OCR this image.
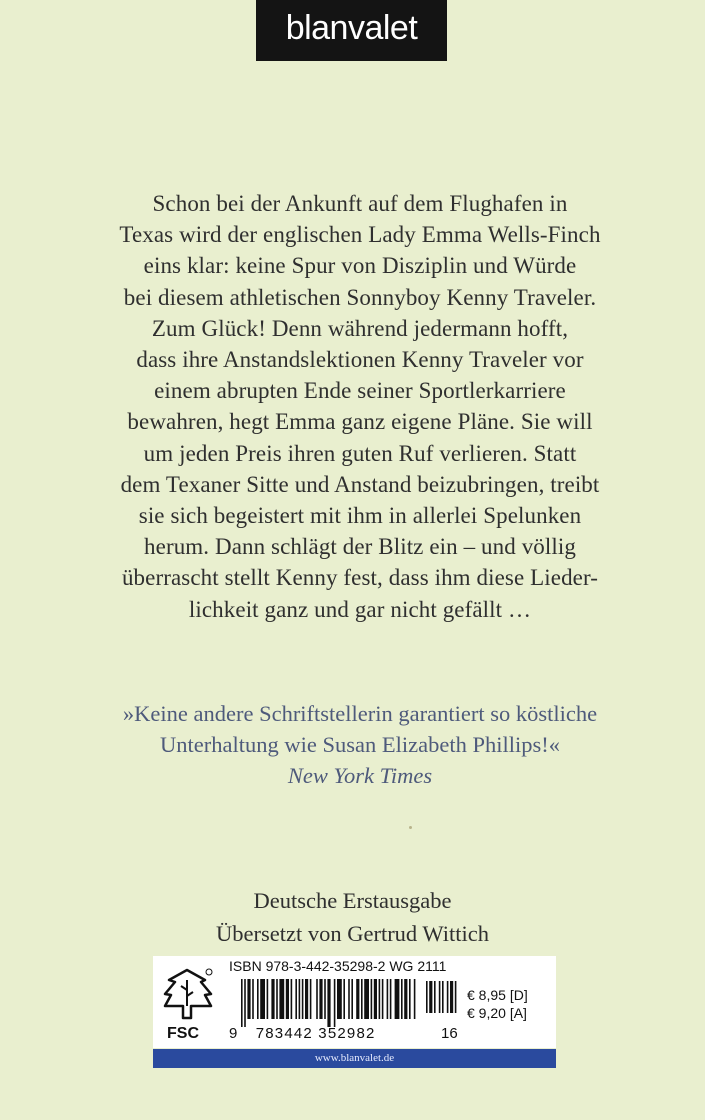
blanvalet
Schon bei der Ankunft auf dem Flughafen in
Texas wird der englischen Lady Emma Wells-Finch
eins klar: keine Spur von Disziplin und Würde
bei diesem athletischen Sonnyboy Kenny Traveler.
Zum Glück! Denn während jedermann hofft,
dass ihre Anstandslektionen Kenny Traveler vor
einem abrupten Ende seiner Sportlerkarriere
bewahren, hegt Emma ganz eigene Pläne. Sie will
um jeden Preis ihren guten Ruf verlieren. Statt
dem Texaner Sitte und Anstand beizubringen, treibt
sie sich begeistert mit ihm in allerlei Spelunken
herum. Dann schlägt der Blitz ein – und völlig
überrascht stellt Kenny fest, dass ihm diese Lieder-
lichkeit ganz und gar nicht gefällt …
»Keine andere Schriftstellerin garantiert so köstliche
Unterhaltung wie Susan Elizabeth Phillips!«
New York Times
Deutsche Erstausgabe
Übersetzt von Gertrud Wittich
FSC
ISBN 978-3-442-35298-2 WG 2111
9 783442 352982	16
€ 8,95 [D]
€ 9,20 [A]
www.blanvalet.de
